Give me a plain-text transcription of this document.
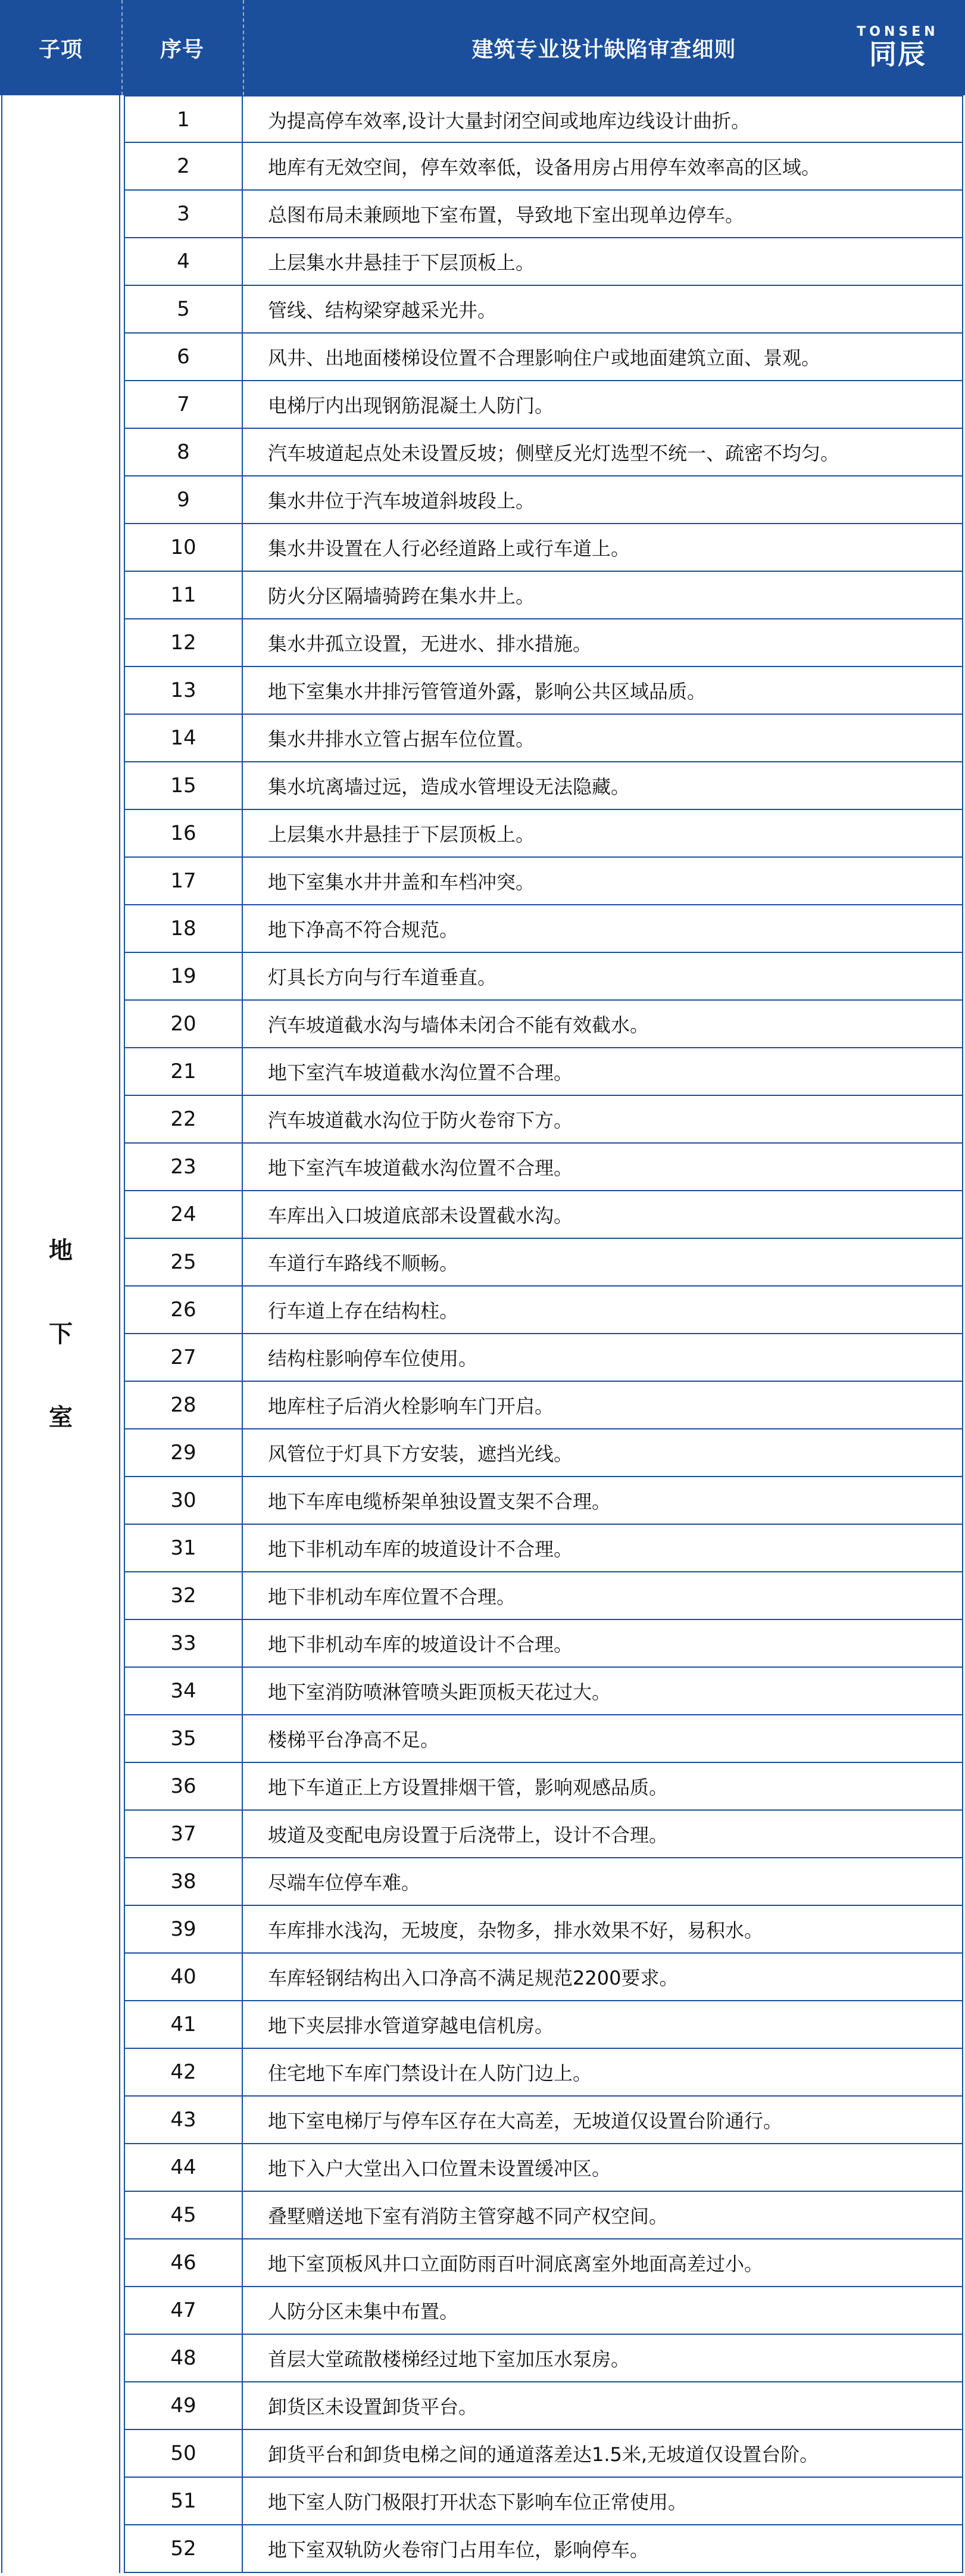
子项	序号	建筑专业设计缺陷审查细则
TONSEN
同辰
地
下
室
1	为提高停车效率,设计大量封闭空间或地库边线设计曲折。
2	地库有无效空间，停车效率低，设备用房占用停车效率高的区域。
3	总图布局未兼顾地下室布置，导致地下室出现单边停车。
4	上层集水井悬挂于下层顶板上。
5	管线、结构梁穿越采光井。
6	风井、出地面楼梯设位置不合理影响住户或地面建筑立面、景观。
7	电梯厅内出现钢筋混凝土人防门。
8	汽车坡道起点处未设置反坡；侧壁反光灯选型不统一、疏密不均匀。
9	集水井位于汽车坡道斜坡段上。
10	集水井设置在人行必经道路上或行车道上。
11	防火分区隔墙骑跨在集水井上。
12	集水井孤立设置，无进水、排水措施。
13	地下室集水井排污管管道外露，影响公共区域品质。
14	集水井排水立管占据车位位置。
15	集水坑离墙过远，造成水管埋设无法隐藏。
16	上层集水井悬挂于下层顶板上。
17	地下室集水井井盖和车档冲突。
18	地下净高不符合规范。
19	灯具长方向与行车道垂直。
20	汽车坡道截水沟与墙体未闭合不能有效截水。
21	地下室汽车坡道截水沟位置不合理。
22	汽车坡道截水沟位于防火卷帘下方。
23	地下室汽车坡道截水沟位置不合理。
24	车库出入口坡道底部未设置截水沟。
25	车道行车路线不顺畅。
26	行车道上存在结构柱。
27	结构柱影响停车位使用。
28	地库柱子后消火栓影响车门开启。
29	风管位于灯具下方安装，遮挡光线。
30	地下车库电缆桥架单独设置支架不合理。
31	地下非机动车库的坡道设计不合理。
32	地下非机动车库位置不合理。
33	地下非机动车库的坡道设计不合理。
34	地下室消防喷淋管喷头距顶板天花过大。
35	楼梯平台净高不足。
36	地下车道正上方设置排烟干管，影响观感品质。
37	坡道及变配电房设置于后浇带上，设计不合理。
38	尽端车位停车难。
39	车库排水浅沟，无坡度，杂物多，排水效果不好，易积水。
40	车库轻钢结构出入口净高不满足规范2200要求。
41	地下夹层排水管道穿越电信机房。
42	住宅地下车库门禁设计在人防门边上。
43	地下室电梯厅与停车区存在大高差，无坡道仅设置台阶通行。
44	地下入户大堂出入口位置未设置缓冲区。
45	叠墅赠送地下室有消防主管穿越不同产权空间。
46	地下室顶板风井口立面防雨百叶洞底离室外地面高差过小。
47	人防分区未集中布置。
48	首层大堂疏散楼梯经过地下室加压水泵房。
49	卸货区未设置卸货平台。
50	卸货平台和卸货电梯之间的通道落差达1.5米,无坡道仅设置台阶。
51	地下室人防门极限打开状态下影响车位正常使用。
52	地下室双轨防火卷帘门占用车位，影响停车。
